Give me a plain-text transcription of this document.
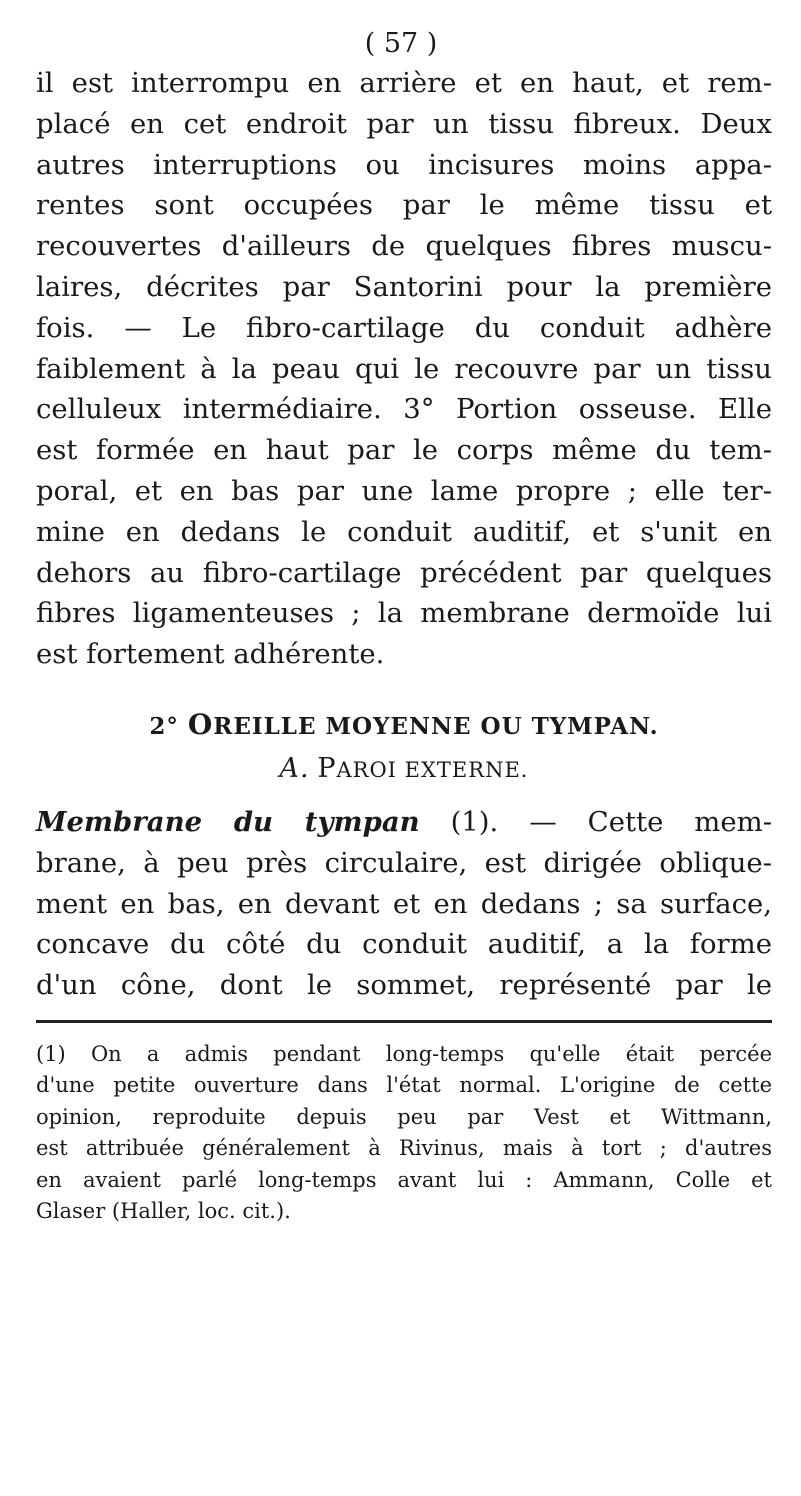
( 57 )
il est interrompu en arrière et en haut, et rem-
placé en cet endroit par un tissu fibreux. Deux
autres interruptions ou incisures moins appa-
rentes sont occupées par le même tissu et
recouvertes d'ailleurs de quelques fibres muscu-
laires, décrites par Santorini pour la première
fois. — Le fibro-cartilage du conduit adhère
faiblement à la peau qui le recouvre par un tissu
celluleux intermédiaire. 3° Portion osseuse. Elle
est formée en haut par le corps même du tem-
poral, et en bas par une lame propre ; elle ter-
mine en dedans le conduit auditif, et s'unit en
dehors au fibro-cartilage précédent par quelques
fibres ligamenteuses ; la membrane dermoïde lui
est fortement adhérente.
2° OREILLE MOYENNE OU TYMPAN.
A. PAROI EXTERNE.
Membrane du tympan (1). — Cette mem-
brane, à peu près circulaire, est dirigée oblique-
ment en bas, en devant et en dedans ; sa surface,
concave du côté du conduit auditif, a la forme
d'un cône, dont le sommet, représenté par le
(1) On a admis pendant long-temps qu'elle était percée
d'une petite ouverture dans l'état normal. L'origine de cette
opinion, reproduite depuis peu par Vest et Wittmann,
est attribuée généralement à Rivinus, mais à tort ; d'autres
en avaient parlé long-temps avant lui : Ammann, Colle et
Glaser (Haller, loc. cit.).
